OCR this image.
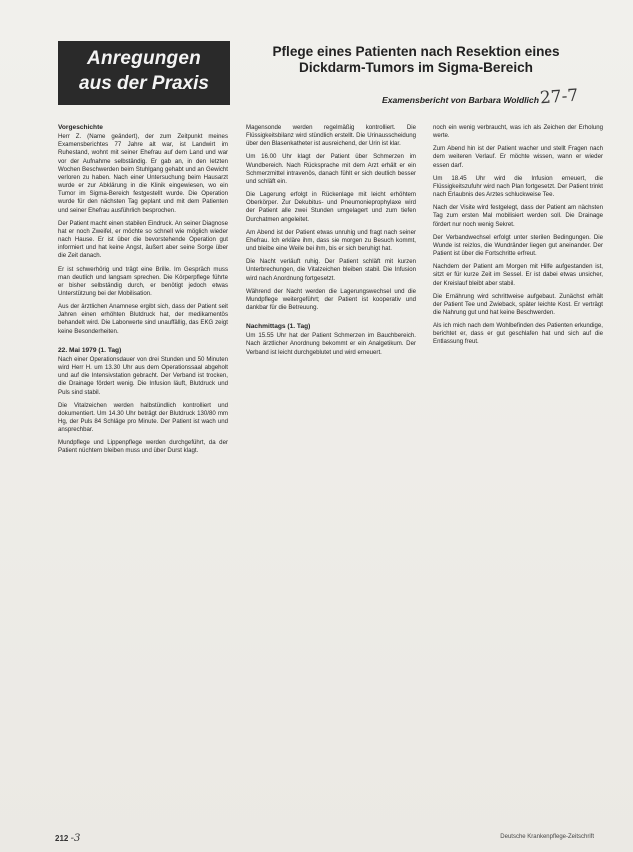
Anregungen
aus der Praxis
Pflege eines Patienten nach Resektion eines
Dickdarm-Tumors im Sigma-Bereich
Examensbericht von Barbara Woldlich 27-7

Vorgeschichte

Herr Z. (Name geändert), der zum Zeitpunkt meines Examensberichtes 77 Jahre alt war, ist Landwirt im Ruhestand, wohnt mit seiner Ehefrau auf dem Land und war vor der Aufnahme selbständig. Er gab an, in den letzten Wochen Beschwerden beim Stuhlgang gehabt und an Gewicht verloren zu haben. Nach einer Untersuchung beim Hausarzt wurde er zur Abklärung in die Klinik eingewiesen, wo ein Tumor im Sigma-Bereich festgestellt wurde. Die Operation wurde für den nächsten Tag geplant und mit dem Patienten und seiner Ehefrau ausführlich besprochen.

Der Patient macht einen stabilen Eindruck. An seiner Diagnose hat er noch Zweifel, er möchte so schnell wie möglich wieder nach Hause. Er ist über die bevorstehende Operation gut informiert und hat keine Angst, äußert aber seine Sorge über die Zeit danach.

Er ist schwerhörig und trägt eine Brille. Im Gespräch muss man deutlich und langsam sprechen. Die Körperpflege führte er bisher selbständig durch, er benötigt jedoch etwas Unterstützung bei der Mobilisation.

Aus der ärztlichen Anamnese ergibt sich, dass der Patient seit Jahren einen erhöhten Blutdruck hat, der medikamentös behandelt wird. Die Laborwerte sind unauffällig, das EKG zeigt keine Besonderheiten.

22. Mai 1979 (1. Tag)

Nach einer Operationsdauer von drei Stunden und 50 Minuten wird Herr H. um 13.30 Uhr aus dem Operationssaal abgeholt und auf die Intensivstation gebracht. Der Verband ist trocken, die Drainage fördert wenig. Die Infusion läuft, Blutdruck und Puls sind stabil.

Die Vitalzeichen werden halbstündlich kontrolliert und dokumentiert. Um 14.30 Uhr beträgt der Blutdruck 130/80 mm Hg, der Puls 84 Schläge pro Minute. Der Patient ist wach und ansprechbar.

Mundpflege und Lippenpflege werden durchgeführt, da der Patient nüchtern bleiben muss und über Durst klagt.

Magensonde werden regelmäßig kontrolliert. Die Flüssigkeitsbilanz wird stündlich erstellt. Die Urinausscheidung über den Blasenkatheter ist ausreichend, der Urin ist klar.

Um 16.00 Uhr klagt der Patient über Schmerzen im Wundbereich. Nach Rücksprache mit dem Arzt erhält er ein Schmerzmittel intravenös, danach fühlt er sich deutlich besser und schläft ein.

Die Lagerung erfolgt in Rückenlage mit leicht erhöhtem Oberkörper. Zur Dekubitus- und Pneumonieprophylaxe wird der Patient alle zwei Stunden umgelagert und zum tiefen Durchatmen angeleitet.

Am Abend ist der Patient etwas unruhig und fragt nach seiner Ehefrau. Ich erkläre ihm, dass sie morgen zu Besuch kommt, und bleibe eine Weile bei ihm, bis er sich beruhigt hat.

Die Nacht verläuft ruhig. Der Patient schläft mit kurzen Unterbrechungen, die Vitalzeichen bleiben stabil. Die Infusion wird nach Anordnung fortgesetzt.

Während der Nacht werden die Lagerungswechsel und die Mundpflege weitergeführt; der Patient ist kooperativ und dankbar für die Betreuung.

Nachmittags (1. Tag)

Um 15.55 Uhr hat der Patient Schmerzen im Bauchbereich. Nach ärztlicher Anordnung bekommt er ein Analgetikum. Der Verband ist leicht durchgeblutet und wird erneuert.

noch ein wenig verbraucht, was ich als Zeichen der Erholung werte.

Zum Abend hin ist der Patient wacher und stellt Fragen nach dem weiteren Verlauf. Er möchte wissen, wann er wieder essen darf.

Um 18.45 Uhr wird die Infusion erneuert, die Flüssigkeitszufuhr wird nach Plan fortgesetzt. Der Patient trinkt nach Erlaubnis des Arztes schluckweise Tee.

Nach der Visite wird festgelegt, dass der Patient am nächsten Tag zum ersten Mal mobilisiert werden soll. Die Drainage fördert nur noch wenig Sekret.

Der Verbandwechsel erfolgt unter sterilen Bedingungen. Die Wunde ist reizlos, die Wundränder liegen gut aneinander. Der Patient ist über die Fortschritte erfreut.

Nachdem der Patient am Morgen mit Hilfe aufgestanden ist, sitzt er für kurze Zeit im Sessel. Er ist dabei etwas unsicher, der Kreislauf bleibt aber stabil.

Die Ernährung wird schrittweise aufgebaut. Zunächst erhält der Patient Tee und Zwieback, später leichte Kost. Er verträgt die Nahrung gut und hat keine Beschwerden.

Als ich mich nach dem Wohlbefinden des Patienten erkundige, berichtet er, dass er gut geschlafen hat und sich auf die Entlassung freut.

212 -3	Deutsche Krankenpflege-Zeitschrift
